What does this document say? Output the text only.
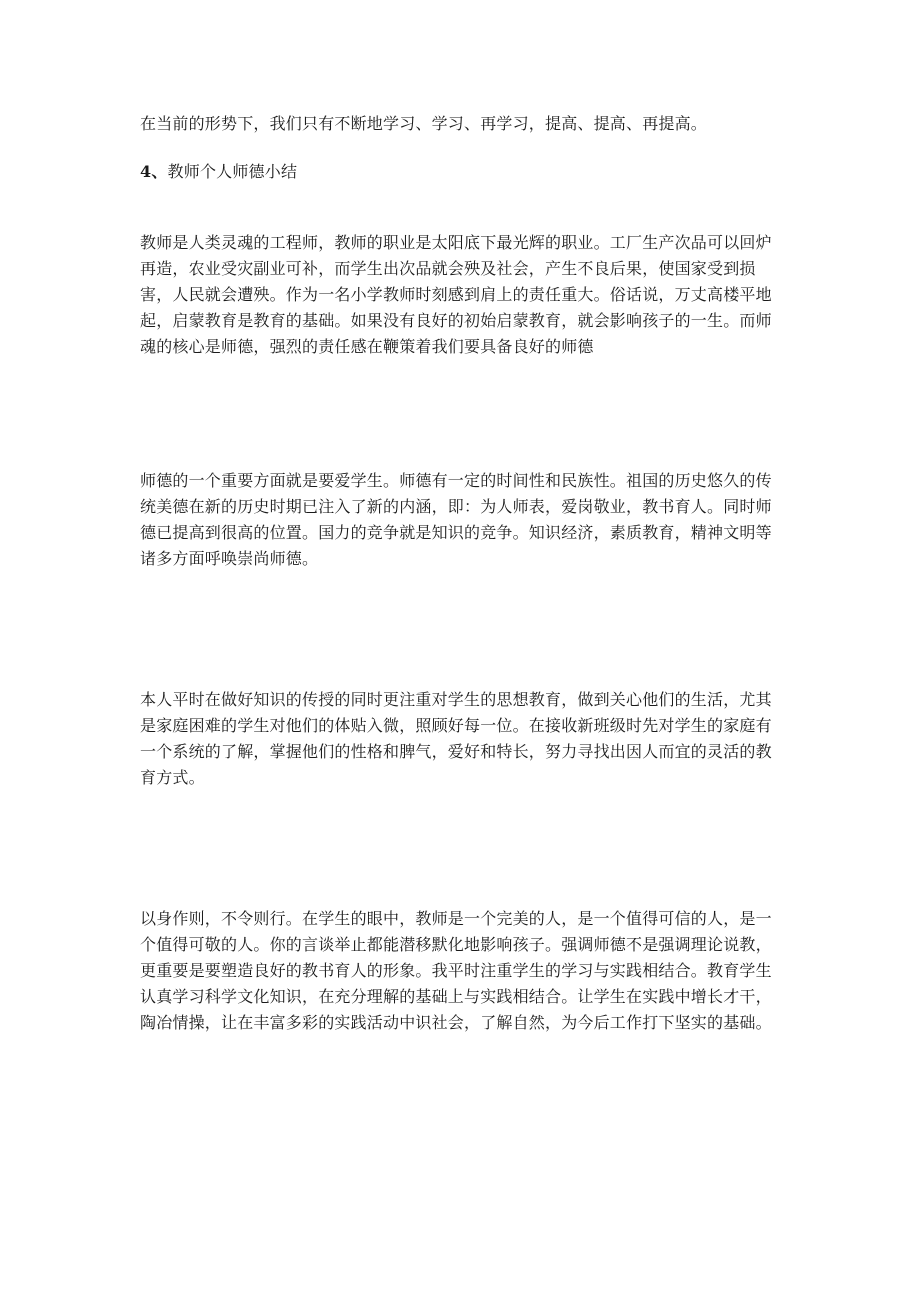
在当前的形势下，我们只有不断地学习、学习、再学习，提高、提高、再提高。

4、教师个人师德小结

教师是人类灵魂的工程师，教师的职业是太阳底下最光辉的职业。工厂生产次品可以回炉再造，农业受灾副业可补，而学生出次品就会殃及社会，产生不良后果，使国家受到损害，人民就会遭殃。作为一名小学教师时刻感到肩上的责任重大。俗话说，万丈高楼平地起，启蒙教育是教育的基础。如果没有良好的初始启蒙教育，就会影响孩子的一生。而师魂的核心是师德，强烈的责任感在鞭策着我们要具备良好的师德

师德的一个重要方面就是要爱学生。师德有一定的时间性和民族性。祖国的历史悠久的传统美德在新的历史时期已注入了新的内涵，即：为人师表，爱岗敬业，教书育人。同时师德已提高到很高的位置。国力的竞争就是知识的竞争。知识经济，素质教育，精神文明等诸多方面呼唤崇尚师德。

本人平时在做好知识的传授的同时更注重对学生的思想教育，做到关心他们的生活，尤其是家庭困难的学生对他们的体贴入微，照顾好每一位。在接收新班级时先对学生的家庭有一个系统的了解，掌握他们的性格和脾气，爱好和特长，努力寻找出因人而宜的灵活的教育方式。

以身作则，不令则行。在学生的眼中，教师是一个完美的人，是一个值得可信的人，是一个值得可敬的人。你的言谈举止都能潜移默化地影响孩子。强调师德不是强调理论说教，更重要是要塑造良好的教书育人的形象。我平时注重学生的学习与实践相结合。教育学生认真学习科学文化知识，在充分理解的基础上与实践相结合。让学生在实践中增长才干，陶冶情操，让在丰富多彩的实践活动中识社会，了解自然，为今后工作打下坚实的基础。
